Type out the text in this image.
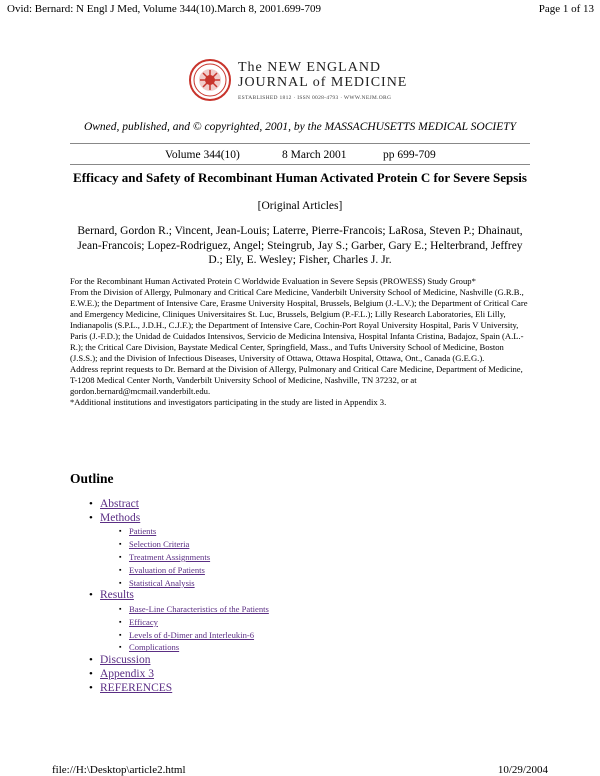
Ovid: Bernard: N Engl J Med, Volume 344(10).March 8, 2001.699-709	Page 1 of 13
The NEW ENGLAND
JOURNAL of MEDICINE
ESTABLISHED 1812 · ISSN 0028-4793 · WWW.NEJM.ORG
Owned, published, and © copyrighted, 2001, by the MASSACHUSETTS MEDICAL SOCIETY
Volume 344(10)	8 March 2001	pp 699-709
Efficacy and Safety of Recombinant Human Activated Protein C for Severe Sepsis
[Original Articles]
Bernard, Gordon R.; Vincent, Jean-Louis; Laterre, Pierre-Francois; LaRosa, Steven P.; Dhainaut, Jean-Francois; Lopez-Rodriguez, Angel; Steingrub, Jay S.; Garber, Gary E.; Helterbrand, Jeffrey D.; Ely, E. Wesley; Fisher, Charles J. Jr.

For the Recombinant Human Activated Protein C Worldwide Evaluation in Severe Sepsis (PROWESS) Study Group*

From the Division of Allergy, Pulmonary and Critical Care Medicine, Vanderbilt University School of Medicine, Nashville (G.R.B., E.W.E.); the Department of Intensive Care, Erasme University Hospital, Brussels, Belgium (J.-L.V.); the Department of Critical Care and Emergency Medicine, Cliniques Universitaires St. Luc, Brussels, Belgium (P.-F.L.); Lilly Research Laboratories, Eli Lilly, Indianapolis (S.P.L., J.D.H., C.J.F.); the Department of Intensive Care, Cochin-Port Royal University Hospital, Paris V University, Paris (J.-F.D.); the Unidad de Cuidados Intensivos, Servicio de Medicina Intensiva, Hospital Infanta Cristina, Badajoz, Spain (A.L.-R.); the Critical Care Division, Baystate Medical Center, Springfield, Mass., and Tufts University School of Medicine, Boston (J.S.S.); and the Division of Infectious Diseases, University of Ottawa, Ottawa Hospital, Ottawa, Ont., Canada (G.E.G.).

Address reprint requests to Dr. Bernard at the Division of Allergy, Pulmonary and Critical Care Medicine, Department of Medicine, T-1208 Medical Center North, Vanderbilt University School of Medicine, Nashville, TN 37232, or at gordon.bernard@mcmail.vanderbilt.edu.

*Additional institutions and investigators participating in the study are listed in Appendix 3.

Outline
• Abstract
• Methods
▪ Patients
▪ Selection Criteria
▪ Treatment Assignments
▪ Evaluation of Patients
▪ Statistical Analysis
• Results
▪ Base-Line Characteristics of the Patients
▪ Efficacy
▪ Levels of d-Dimer and Interleukin-6
▪ Complications
• Discussion
• Appendix 3
• REFERENCES
file://H:\Desktop\article2.html	10/29/2004
